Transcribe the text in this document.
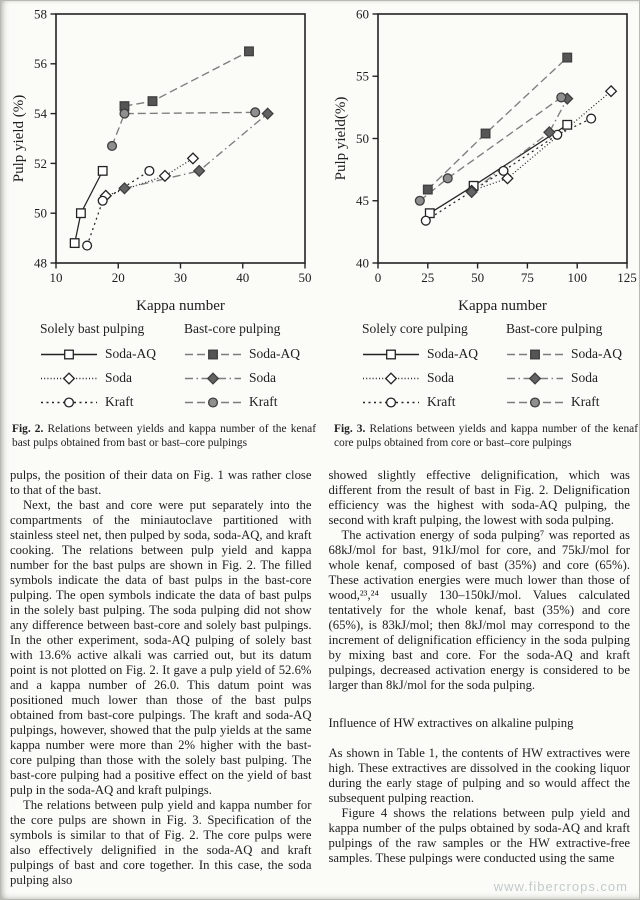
10	20	30	40	50
48
50
52
54
56
58
Kappa number
Pulp yield (%)
Solely bast pulping
Soda-AQ
Soda
Kraft
Bast-core pulping
Soda-AQ
Soda
Kraft
Fig. 2. Relations between yields and kappa number of the kenaf bast pulps obtained from bast or bast–core pulpings
0	25	50	75	100 125
40
45
50
55
60
Kappa number
Pulp yield(%)
Solely core pulping
Soda-AQ
Soda
Kraft
Bast-core pulping
Soda-AQ
Soda
Kraft
Fig. 3. Relations between yields and kappa number of the kenaf core pulps obtained from core or bast–core pulpings

pulps, the position of their data on Fig. 1 was rather close to that of the bast.

Next, the bast and core were put separately into the compartments of the miniautoclave partitioned with stainless steel net, then pulped by soda, soda-AQ, and kraft cooking. The relations between pulp yield and kappa number for the bast pulps are shown in Fig. 2. The filled symbols indicate the data of bast pulps in the bast-core pulping. The open symbols indicate the data of bast pulps in the solely bast pulping. The soda pulping did not show any difference between bast-core and solely bast pulpings. In the other experiment, soda-AQ pulping of solely bast with 13.6% active alkali was carried out, but its datum point is not plotted on Fig. 2. It gave a pulp yield of 52.6% and a kappa number of 26.0. This datum point was positioned much lower than those of the bast pulps obtained from bast-core pulpings. The kraft and soda-AQ pulpings, however, showed that the pulp yields at the same kappa number were more than 2% higher with the bast-core pulping than those with the solely bast pulping. The bast-core pulping had a positive effect on the yield of bast pulp in the soda-AQ and kraft pulpings.

The relations between pulp yield and kappa number for the core pulps are shown in Fig. 3. Specification of the symbols is similar to that of Fig. 2. The core pulps were also effectively delignified in the soda-AQ and kraft pulpings of bast and core together. In this case, the soda pulping also

showed slightly effective delignification, which was different from the result of bast in Fig. 2. Delignification efficiency was the highest with soda-AQ pulping, the second with kraft pulping, the lowest with soda pulping.

The activation energy of soda pulping⁷ was reported as 68kJ/mol for bast, 91kJ/mol for core, and 75kJ/mol for whole kenaf, composed of bast (35%) and core (65%). These activation energies were much lower than those of wood,²³,²⁴ usually 130–150kJ/mol. Values calculated tentatively for the whole kenaf, bast (35%) and core (65%), is 83kJ/mol; then 8kJ/mol may correspond to the increment of delignification efficiency in the soda pulping by mixing bast and core. For the soda-AQ and kraft pulpings, decreased activation energy is considered to be larger than 8kJ/mol for the soda pulping.

Influence of HW extractives on alkaline pulping

As shown in Table 1, the contents of HW extractives were high. These extractives are dissolved in the cooking liquor during the early stage of pulping and so would affect the subsequent pulping reaction.

Figure 4 shows the relations between pulp yield and kappa number of the pulps obtained by soda-AQ and kraft pulpings of the raw samples or the HW extractive-free samples. These pulpings were conducted using the same

www.fibercrops.com
